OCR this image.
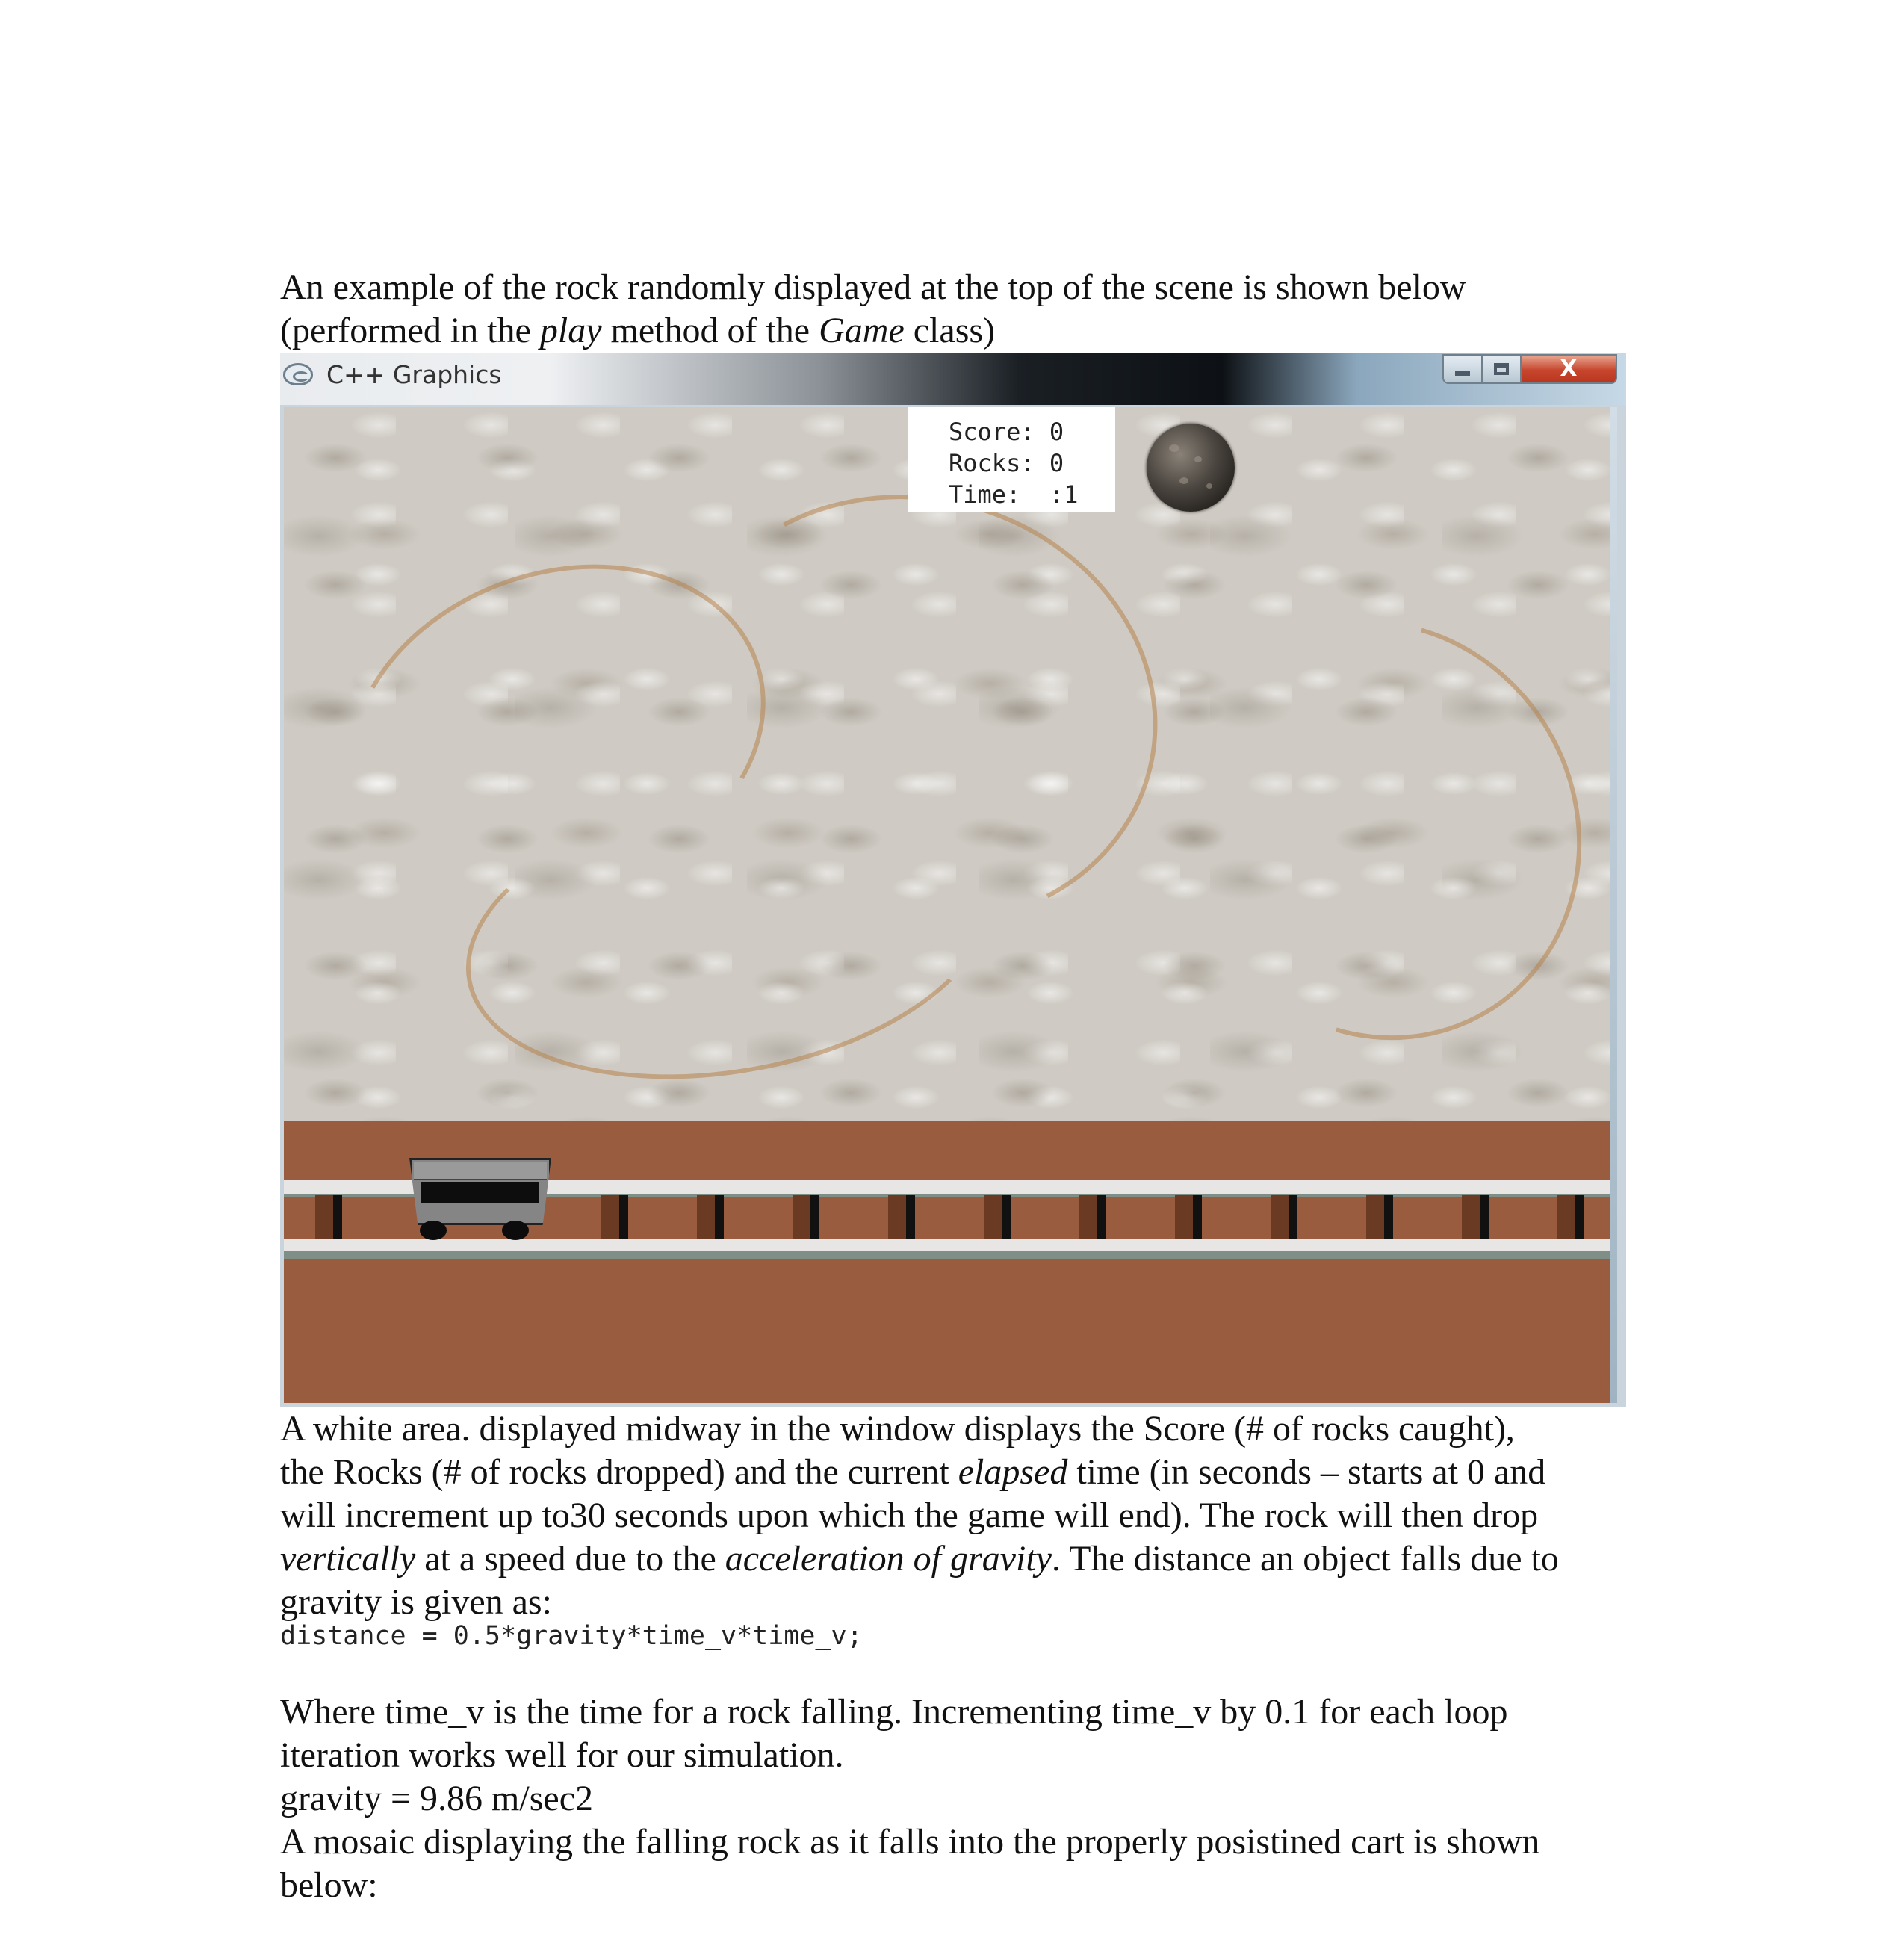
An example of the rock randomly displayed at the top of the scene is shown below
(performed in the play method of the Game class)

C++ Graphics	X
Score: 0
Rocks: 0
Time:  :1

A white area. displayed midway in the window displays the Score (# of rocks caught),
the Rocks (# of rocks dropped) and the current elapsed time (in seconds – starts at 0 and
will increment up to30 seconds upon which the game will end). The rock will then drop
vertically at a speed due to the acceleration of gravity. The distance an object falls due to
gravity is given as:

distance = 0.5*gravity*time_v*time_v;

Where time_v is the time for a rock falling. Incrementing time_v by 0.1 for each loop
iteration works well for our simulation.
gravity = 9.86 m/sec2
A mosaic displaying the falling rock as it falls into the properly posistined cart is shown
below:
